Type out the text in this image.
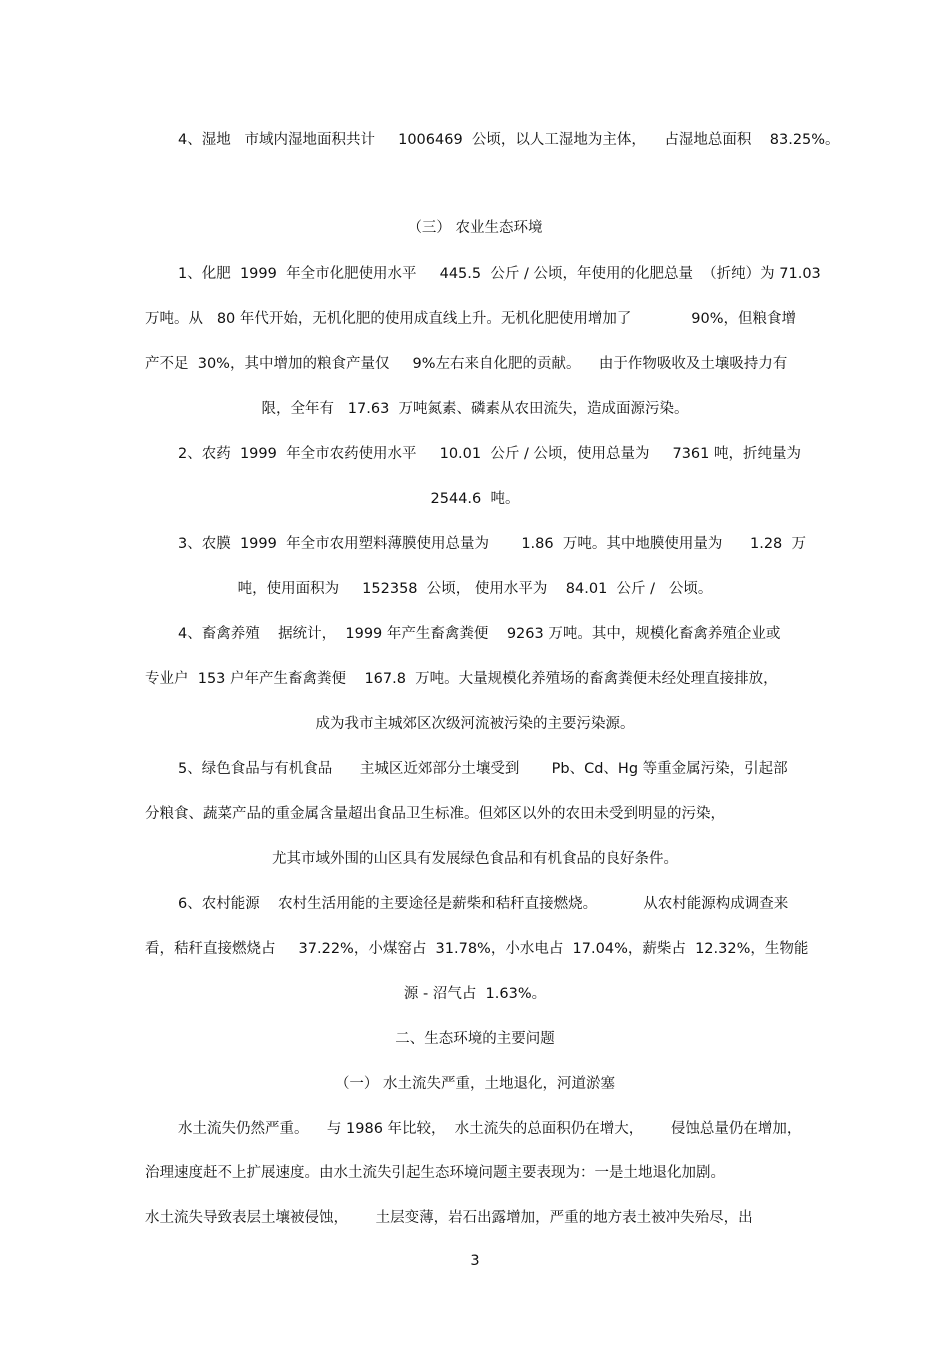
4、湿地   市域内湿地面积共计     1006469  公顷，以人工湿地为主体，    占湿地总面积    83.25%。

（三） 农业生态环境

1、化肥  1999  年全市化肥使用水平     445.5  公斤 / 公顷，年使用的化肥总量  （折纯）为 71.03

万吨。从   80 年代开始，无机化肥的使用成直线上升。无机化肥使用增加了             90%，但粮食增

产不足  30%，其中增加的粮食产量仅     9%左右来自化肥的贡献。    由于作物吸收及土壤吸持力有

限，全年有   17.63  万吨氮素、磷素从农田流失，造成面源污染。

2、农药  1999  年全市农药使用水平     10.01  公斤 / 公顷，使用总量为     7361 吨，折纯量为

2544.6  吨。

3、农膜  1999  年全市农用塑料薄膜使用总量为       1.86  万吨。其中地膜使用量为      1.28  万

吨，使用面积为     152358  公顷， 使用水平为    84.01  公斤 /   公顷。

4、畜禽养殖    据统计，  1999 年产生畜禽粪便    9263 万吨。其中，规模化畜禽养殖企业或

专业户  153 户年产生畜禽粪便    167.8  万吨。大量规模化养殖场的畜禽粪便未经处理直接排放，

成为我市主城郊区次级河流被污染的主要污染源。

5、绿色食品与有机食品      主城区近郊部分土壤受到       Pb、Cd、Hg 等重金属污染，引起部

分粮食、蔬菜产品的重金属含量超出食品卫生标准。但郊区以外的农田未受到明显的污染，

尤其市域外围的山区具有发展绿色食品和有机食品的良好条件。

6、农村能源    农村生活用能的主要途径是薪柴和秸秆直接燃烧。          从农村能源构成调查来

看，秸秆直接燃烧占     37.22%，小煤窑占  31.78%，小水电占  17.04%，薪柴占  12.32%，生物能

源 - 沼气占  1.63%。

二、生态环境的主要问题

（一） 水土流失严重，土地退化，河道淤塞

水土流失仍然严重。    与 1986 年比较，  水土流失的总面积仍在增大，      侵蚀总量仍在增加，

治理速度赶不上扩展速度。由水土流失引起生态环境问题主要表现为：一是土地退化加剧。

水土流失导致表层土壤被侵蚀，      土层变薄，岩石出露增加，严重的地方表土被冲失殆尽，出

3
